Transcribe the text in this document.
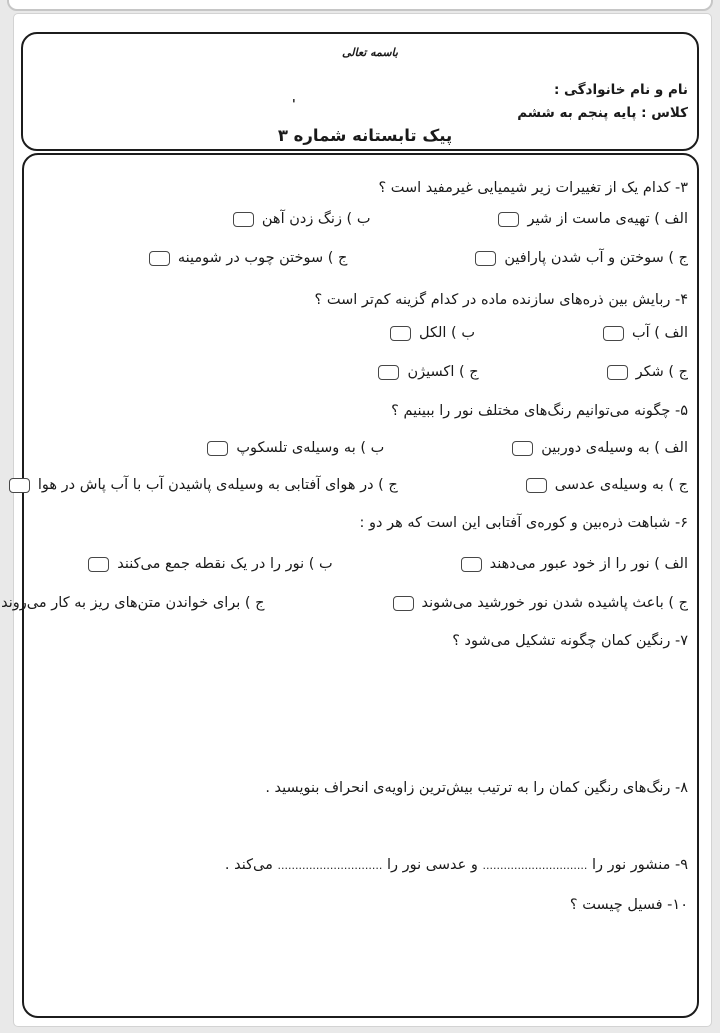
باسمه تعالی
نام و نام خانوادگی :
کلاس : پایه پنجم به ششم
'
پیک تابستانه شماره ۳
۳- کدام یک از تغییرات زیر شیمیایی غیرمفید است ؟
الف ) تهیه‌ی ماست از شیر
ب ) زنگ زدن آهن
ج ) سوختن و آب شدن پارافین
ج ) سوختن چوب در شومینه
۴- ربایش بین ذره‌های سازنده ماده در کدام گزینه کم‌تر است ؟
الف ) آب
ب ) الکل
ج ) شکر
ج ) اکسیژن
۵- چگونه می‌توانیم رنگ‌های مختلف نور را ببینیم ؟
الف ) به وسیله‌ی دوربین
ب ) به وسیله‌ی تلسکوپ
ج ) به وسیله‌ی عدسی
ج ) در هوای آفتابی به وسیله‌ی پاشیدن آب با آب پاش در هوا
۶- شباهت ذره‌بین و کوره‌ی آفتابی این است که هر دو :
الف ) نور را از خود عبور می‌دهند
ب ) نور را در یک نقطه جمع می‌کنند
ج ) باعث پاشیده شدن نور خورشید می‌شوند
ج ) برای خواندن متن‌های ریز به کار می‌روند
۷- رنگین کمان چگونه تشکیل می‌شود ؟
۸- رنگ‌های رنگین کمان را به ترتیب بیش‌ترین زاویه‌ی انحراف بنویسید .
۹- منشور نور را .............................. و عدسی نور را .............................. می‌کند .
۱۰- فسیل چیست ؟
